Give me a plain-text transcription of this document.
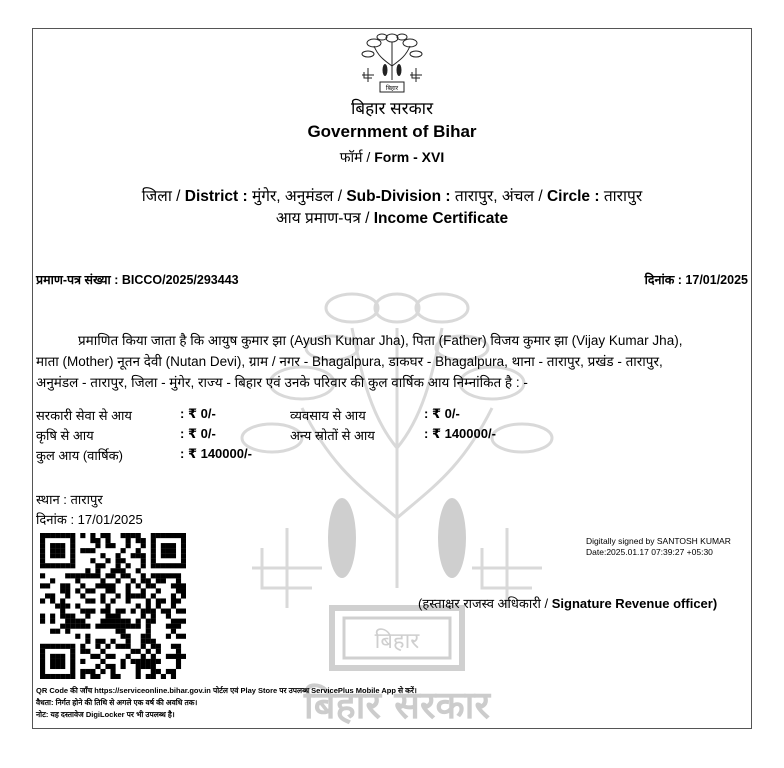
बिहार
बिहार सरकार
बिहार
बिहार सरकार
Government of Bihar
फॉर्म / Form - XVI
जिला / District : मुंगेर, अनुमंडल / Sub-Division : तारापुर, अंचल / Circle : तारापुर
आय प्रमाण-पत्र / Income Certificate
प्रमाण-पत्र संख्या : BICCO/2025/293443	दिनांक : 17/01/2025
प्रमाणित किया जाता है कि आयुष कुमार झा (Ayush Kumar Jha), पिता (Father) विजय कुमार झा (Vijay Kumar Jha),
माता (Mother) नूतन देवी (Nutan Devi), ग्राम / नगर - Bhagalpura, डाकघर - Bhagalpura, थाना - तारापुर, प्रखंड - तारापुर,
अनुमंडल - तारापुर, जिला - मुंगेर, राज्य - बिहार एवं उनके परिवार की कुल वार्षिक आय निम्नांकित है : -
सरकारी सेवा से आय	: ₹ 0/-	व्यवसाय से आय	: ₹ 0/-
कृषि से आय	: ₹ 0/-	अन्य स्रोतों से आय	: ₹ 140000/-
कुल आय (वार्षिक)	: ₹ 140000/-
स्थान : तारापुर
दिनांक : 17/01/2025
Digitally signed by SANTOSH KUMAR
Date:2025.01.17 07:39:27 +05:30
(हस्ताक्षर राजस्व अधिकारी / Signature Revenue officer)
QR Code की जाँच https://serviceonline.bihar.gov.in पोर्टल एवं Play Store पर उपलब्ध ServicePlus Mobile App से करें।
वैधता: निर्गत होने की तिथि से अगले एक वर्ष की अवधि तक।
नोट: यह दस्तावेज DigiLocker पर भी उपलब्ध है।
